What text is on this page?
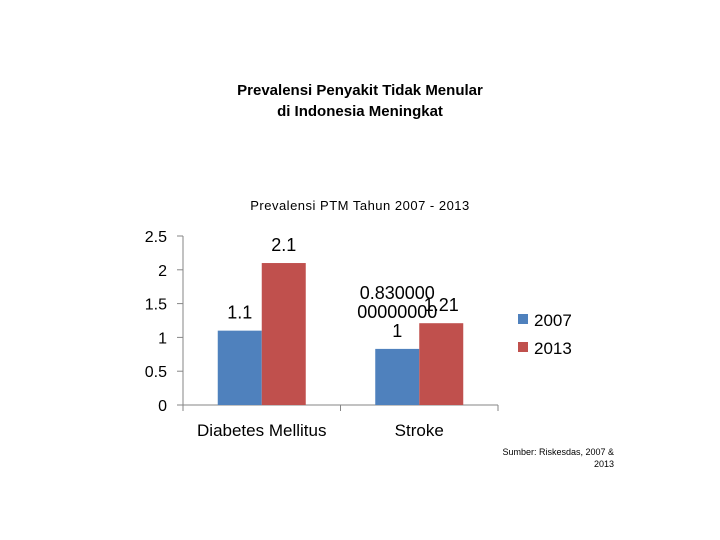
Prevalensi Penyakit Tidak Menular
di Indonesia Meningkat
Prevalensi PTM Tahun 2007 - 2013
0
0.5
1
1.5
2
2.5
1.1
2.1
Diabetes Mellitus
0.830000 00000000 1
1.21
Stroke
2007
2013
Sumber: Riskesdas, 2007 &
2013
